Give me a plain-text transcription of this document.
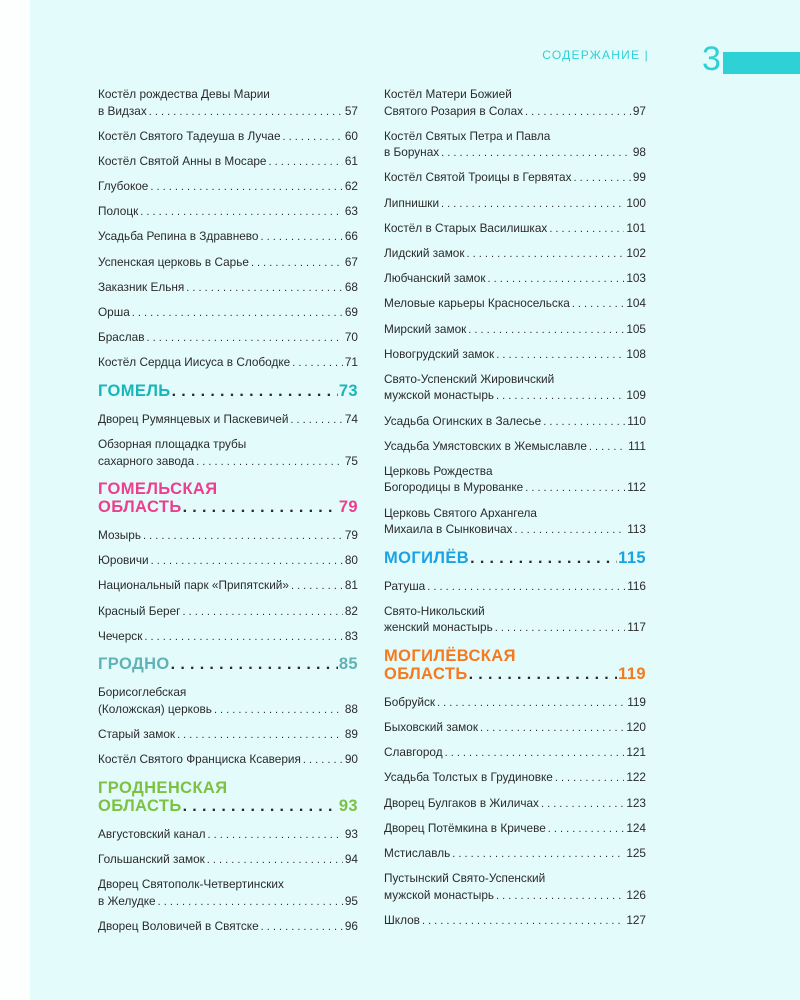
СОДЕРЖАНИЕ | 3
Костёл рождества Девы Марии
в Видзах . . .	57
Костёл Святого Тадеуша в Лучае . . .	60
Костёл Святой Анны в Мосаре . . .	61
Глубокое . . .	62
Полоцк . . .	63
Усадьба Репина в Здравнево . . .	66
Успенская церковь в Сарье . . .	67
Заказник Ельня . . .	68
Орша . . .	69
Браслав . . .	70
Костёл Сердца Иисуса в Слободке . . .	71
ГОМЕЛЬ . . .	73
Дворец Румянцевых и Паскевичей . . .	74
Обзорная площадка трубы
сахарного завода . . .	75
ГОМЕЛЬСКАЯ
ОБЛАСТЬ . . .	79
Мозырь . . .	79
Юровичи . . .	80
Национальный парк «Припятский» . . .	81
Красный Берег . . .	82
Чечерск . . .	83
ГРОДНО . . .	85
Борисоглебская
(Коложская) церковь . . .	88
Старый замок . . .	89
Костёл Святого Франциска Ксаверия . . .	90
ГРОДНЕНСКАЯ
ОБЛАСТЬ . . .	93
Августовский канал . . .	93
Гольшанский замок . . .	94
Дворец Святополк-Четвертинских
в Желудке . . .	95
Дворец Воловичей в Святске . . .	96
Костёл Матери Божией
Святого Розария в Солах . . .	97
Костёл Святых Петра и Павла
в Борунах . . .	98
Костёл Святой Троицы в Гервятах . . .	99
Липнишки . . .	100
Костёл в Старых Василишках . . .	101
Лидский замок . . .	102
Любчанский замок . . .	103
Меловые карьеры Красносельска . . .	104
Мирский замок . . .	105
Новогрудский замок . . .	108
Свято-Успенский Жировичский
мужской монастырь . . .	109
Усадьба Огинских в Залесье . . .	110
Усадьба Умястовских в Жемыславле . . .	111
Церковь Рождества
Богородицы в Мурованке . . .	112
Церковь Святого Архангела
Михаила в Сынковичах . . .	113
МОГИЛЁВ . . .	115
Ратуша . . .	116
Свято-Никольский
женский монастырь . . .	117
МОГИЛЁВСКАЯ
ОБЛАСТЬ . . .	119
Бобруйск . . .	119
Быховский замок . . .	120
Славгород . . .	121
Усадьба Толстых в Грудиновке . . .	122
Дворец Булгаков в Жиличах . . .	123
Дворец Потёмкина в Кричеве . . .	124
Мстиславль . . .	125
Пустынский Свято-Успенский
мужской монастырь . . .	126
Шклов . . .	127
